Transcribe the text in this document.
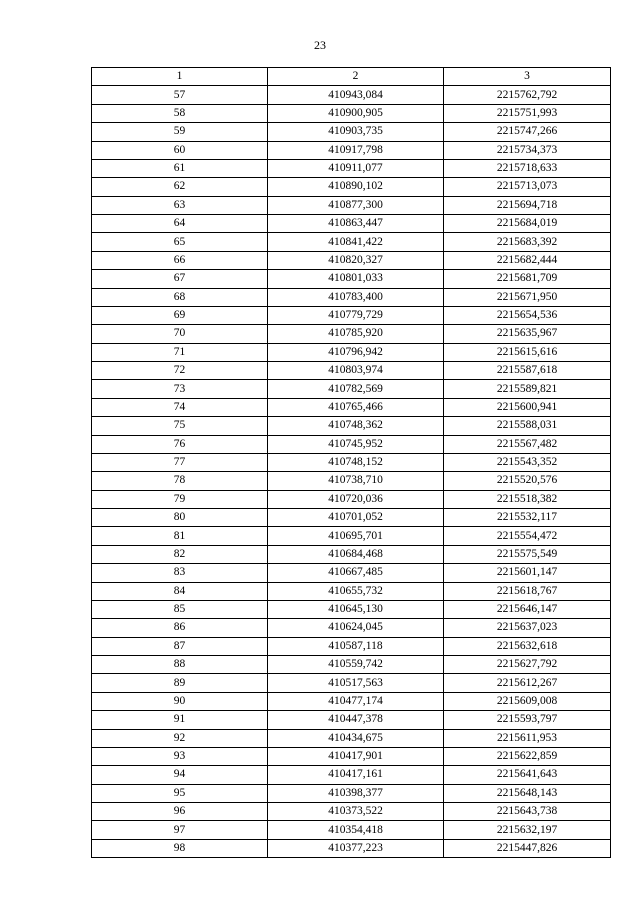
23
1	2	3
57	410943,084	2215762,792
58	410900,905	2215751,993
59	410903,735	2215747,266
60	410917,798	2215734,373
61	410911,077	2215718,633
62	410890,102	2215713,073
63	410877,300	2215694,718
64	410863,447	2215684,019
65	410841,422	2215683,392
66	410820,327	2215682,444
67	410801,033	2215681,709
68	410783,400	2215671,950
69	410779,729	2215654,536
70	410785,920	2215635,967
71	410796,942	2215615,616
72	410803,974	2215587,618
73	410782,569	2215589,821
74	410765,466	2215600,941
75	410748,362	2215588,031
76	410745,952	2215567,482
77	410748,152	2215543,352
78	410738,710	2215520,576
79	410720,036	2215518,382
80	410701,052	2215532,117
81	410695,701	2215554,472
82	410684,468	2215575,549
83	410667,485	2215601,147
84	410655,732	2215618,767
85	410645,130	2215646,147
86	410624,045	2215637,023
87	410587,118	2215632,618
88	410559,742	2215627,792
89	410517,563	2215612,267
90	410477,174	2215609,008
91	410447,378	2215593,797
92	410434,675	2215611,953
93	410417,901	2215622,859
94	410417,161	2215641,643
95	410398,377	2215648,143
96	410373,522	2215643,738
97	410354,418	2215632,197
98	410377,223	2215447,826
